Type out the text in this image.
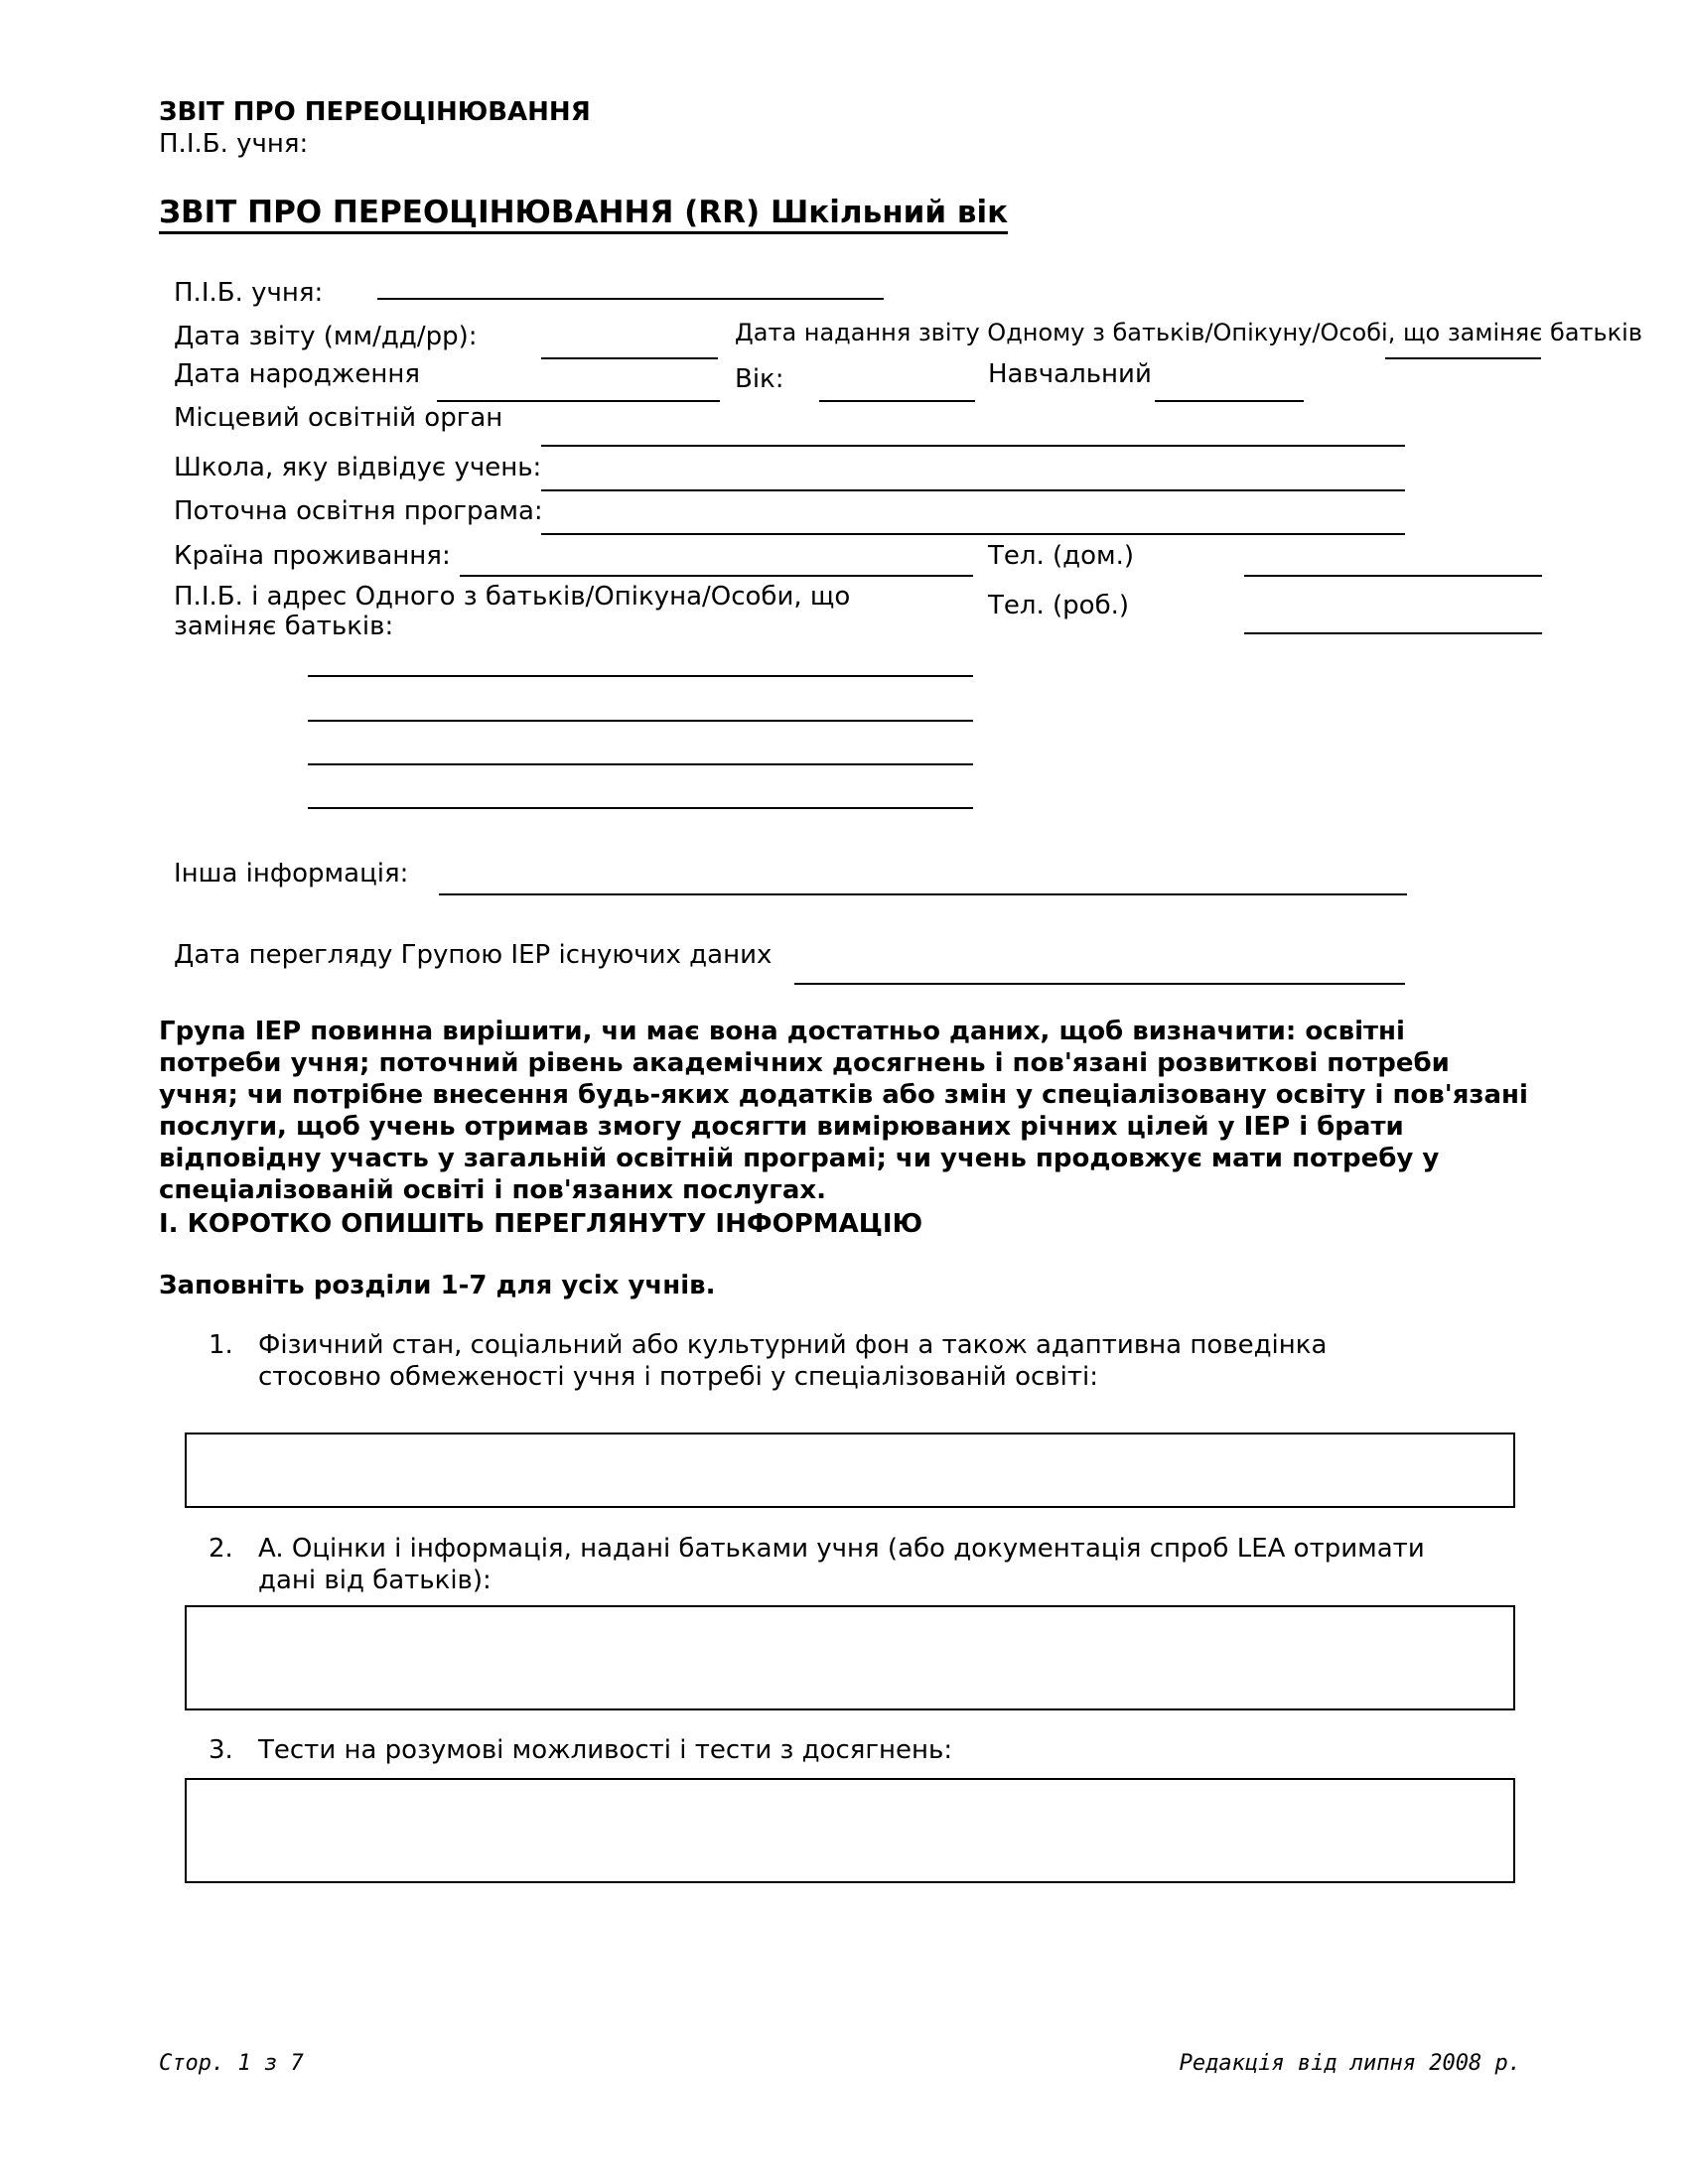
ЗВІТ ПРО ПЕРЕОЦІНЮВАННЯ
П.І.Б. учня:
ЗВІТ ПРО ПЕРЕОЦІНЮВАННЯ (RR) Шкільний вік
П.І.Б. учня:
Дата звіту (мм/дд/рр):	Дата надання звіту Одному з батьків/Опікуну/Особі, що заміняє батьків
Дата народження	Вік:	Навчальний
Місцевий освітній орган
Школа, яку відвідує учень:
Поточна освітня програма:
Країна проживання:	Тел. (дом.)
П.І.Б. і адрес Одного з батьків/Опікуна/Особи, що заміняє батьків:
Тел. (роб.)
Інша інформація:
Дата перегляду Групою IEP існуючих даних
Група IEP повинна вирішити, чи має вона достатньо даних, щоб визначити: освітні потреби учня; поточний рівень академічних досягнень і пов'язані розвиткові потреби учня; чи потрібне внесення будь-яких додатків або змін у спеціалізовану освіту і пов'язані послуги, щоб учень отримав змогу досягти вимірюваних річних цілей у IEP і брати відповідну участь у загальній освітній програмі; чи учень продовжує мати потребу у спеціалізованій освіті і пов'язаних послугах.
І. КОРОТКО ОПИШІТЬ ПЕРЕГЛЯНУТУ ІНФОРМАЦІЮ
Заповніть розділи 1-7 для усіх учнів.
1. Фізичний стан, соціальний або культурний фон а також адаптивна поведінка стосовно обмеженості учня і потребі у спеціалізованій освіті:
2. A. Оцінки і інформація, надані батьками учня (або документація спроб LEA отримати дані від батьків):
3. Тести на розумові можливості і тести з досягнень:
Стор. 1 з 7	Редакція від липня 2008 р.
